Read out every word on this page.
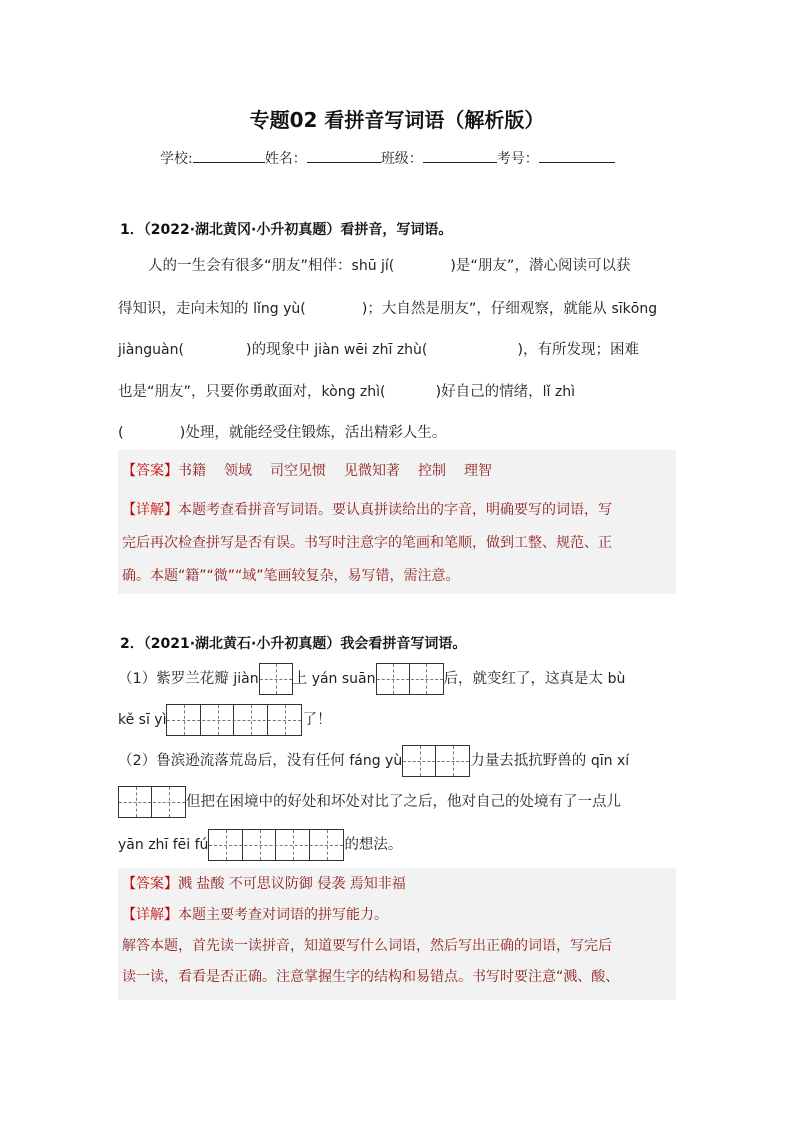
专题02 看拼音写词语（解析版）
学校:	姓名：	班级：	考号：
1．（2022·湖北黄冈·小升初真题）看拼音，写词语。
人的一生会有很多“朋友”相伴：shū jí(	)是“朋友”，潜心阅读可以获
得知识，走向未知的 lǐng yù(	)；大自然是朋友”，仔细观察，就能从 sīkōng
jiànguàn(	)的现象中 jiàn wēi zhī zhù(	)，有所发现；困难
也是“朋友”，只要你勇敢面对，kòng zhì(	)好自己的情绪，lǐ zhì
(	)处理，就能经受住锻炼，活出精彩人生。
【答案】书籍 领域 司空见惯 见微知著 控制 理智
【详解】本题考查看拼音写词语。要认真拼读给出的字音，明确要写的词语，写
完后再次检查拼写是否有误。书写时注意字的笔画和笔顺，做到工整、规范、正
确。本题“籍”“微”“域”笔画较复杂，易写错，需注意。
2．（2021·湖北黄石·小升初真题）我会看拼音写词语。
（1）紫罗兰花瓣 jiàn 上 yán suān	后，就变红了，这真是太 bù
kě sī yì	了！
（2）鲁滨逊流落荒岛后，没有任何 fáng yù	力量去抵抗野兽的 qīn xí
但把在困境中的好处和坏处对比了之后，他对自己的处境有了一点儿
yān zhī fēi fú	的想法。
【答案】溅 盐酸 不可思议防御 侵袭 焉知非福
【详解】本题主要考查对词语的拼写能力。
解答本题，首先读一读拼音，知道要写什么词语，然后写出正确的词语，写完后
读一读，看看是否正确。注意掌握生字的结构和易错点。书写时要注意“溅、酸、
